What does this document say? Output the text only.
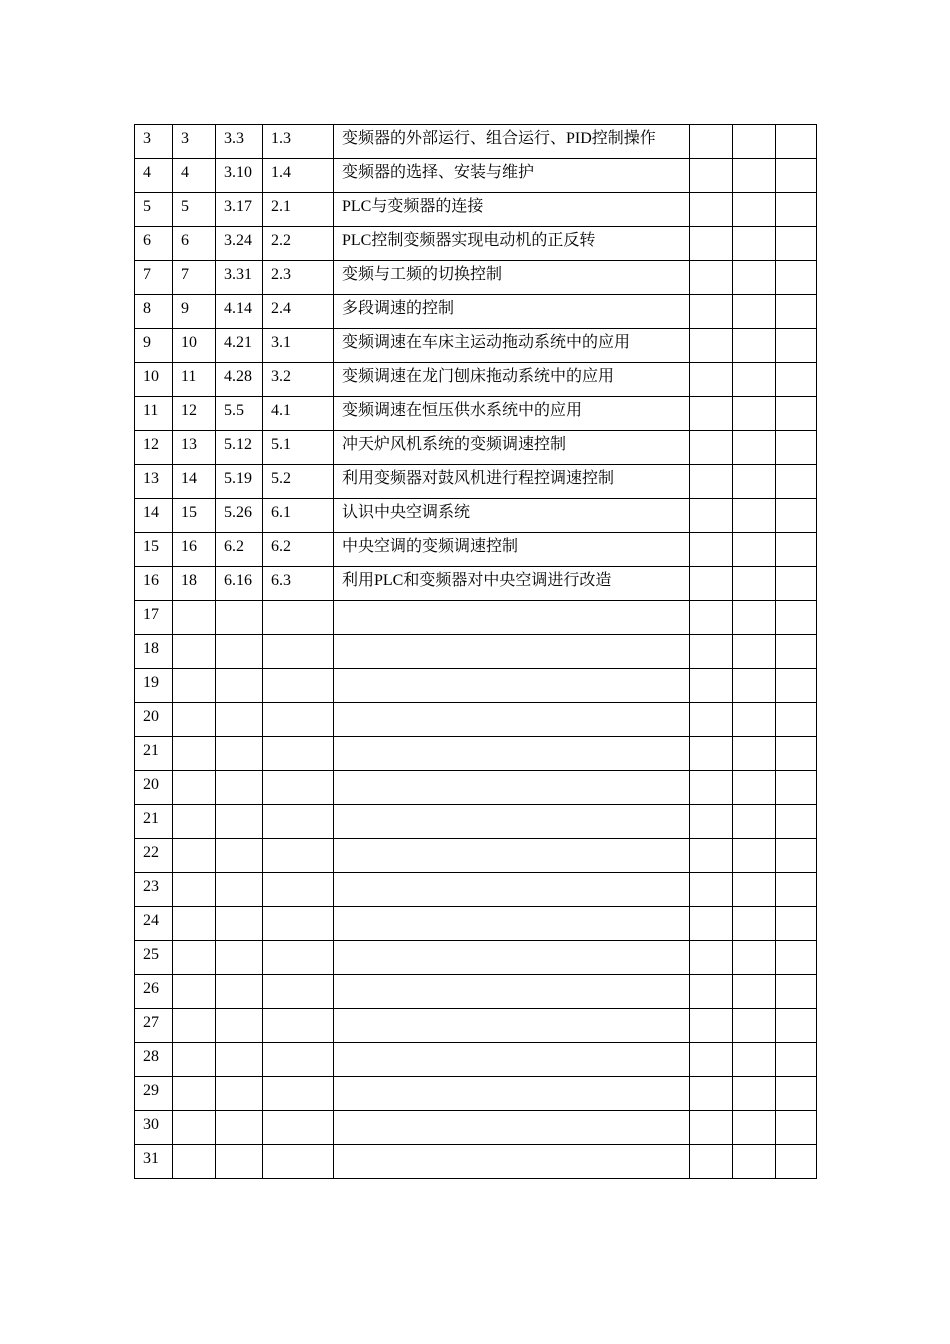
3	3	3.3	1.3	变频器的外部运行、组合运行、PID控制操作			
4	4	3.10	1.4	变频器的选择、安装与维护			
5	5	3.17	2.1	PLC与变频器的连接			
6	6	3.24	2.2	PLC控制变频器实现电动机的正反转			
7	7	3.31	2.3	变频与工频的切换控制			
8	9	4.14	2.4	多段调速的控制			
9	10	4.21	3.1	变频调速在车床主运动拖动系统中的应用			
10	11	4.28	3.2	变频调速在龙门刨床拖动系统中的应用			
11	12	5.5	4.1	变频调速在恒压供水系统中的应用			
12	13	5.12	5.1	冲天炉风机系统的变频调速控制			
13	14	5.19	5.2	利用变频器对鼓风机进行程控调速控制			
14	15	5.26	6.1	认识中央空调系统			
15	16	6.2	6.2	中央空调的变频调速控制			
16	18	6.16	6.3	利用PLC和变频器对中央空调进行改造			
17							
18							
19							
20							
21							
20							
21							
22							
23							
24							
25							
26							
27							
28							
29							
30							
31							
